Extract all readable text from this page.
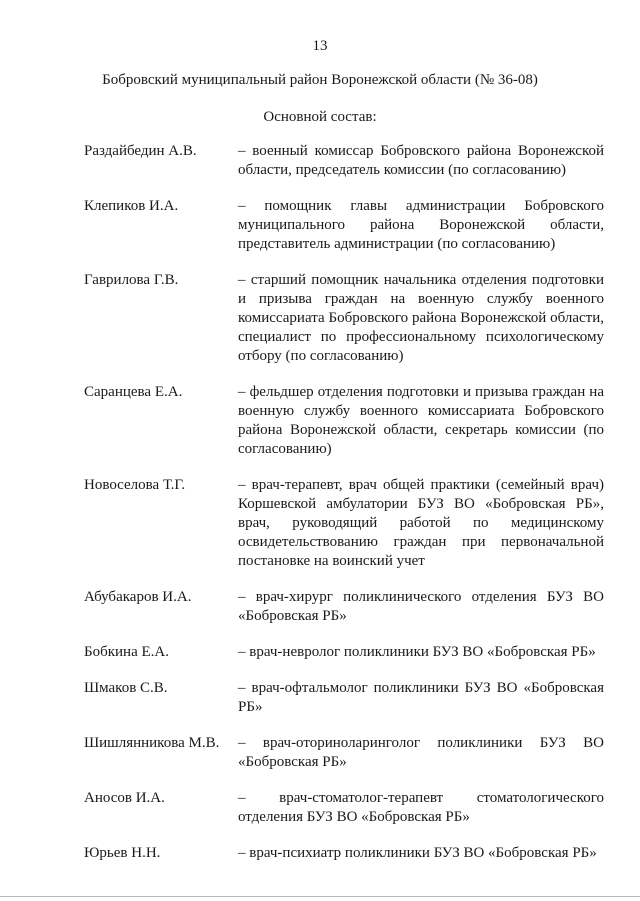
13
Бобровский муниципальный район Воронежской области (№ 36-08)
Основной состав:
Раздайбедин А.В.	– военный комиссар Бобровского района Воронежской области, председатель комиссии (по согласованию)
Клепиков И.А.	– помощник главы администрации Бобровского муниципального района Воронежской области, представитель администрации (по согласованию)
Гаврилова Г.В.	– старший помощник начальника отделения подготовки и призыва граждан на военную службу военного комиссариата Бобровского района Воронежской области, специалист по профессиональному психологическому отбору (по согласованию)
Саранцева Е.А.	– фельдшер отделения подготовки и призыва граждан на военную службу военного комиссариата Бобровского района Воронежской области, секретарь комиссии (по согласованию)
Новоселова Т.Г.	– врач-терапевт, врач общей практики (семейный врач) Коршевской амбулатории БУЗ ВО «Бобровская РБ», врач, руководящий работой по медицинскому освидетельствованию граждан при первоначальной постановке на воинский учет
Абубакаров И.А.	– врач-хирург поликлинического отделения БУЗ ВО «Бобровская РБ»
Бобкина Е.А.	– врач-невролог поликлиники БУЗ ВО «Бобровская РБ»
Шмаков С.В.	– врач-офтальмолог поликлиники БУЗ ВО «Бобровская РБ»
Шишлянникова М.В.	– врач-оториноларинголог поликлиники БУЗ ВО «Бобровская РБ»
Аносов И.А.	– врач-стоматолог-терапевт стоматологического отделения БУЗ ВО «Бобровская РБ»
Юрьев Н.Н.	– врач-психиатр поликлиники БУЗ ВО «Бобровская РБ»
